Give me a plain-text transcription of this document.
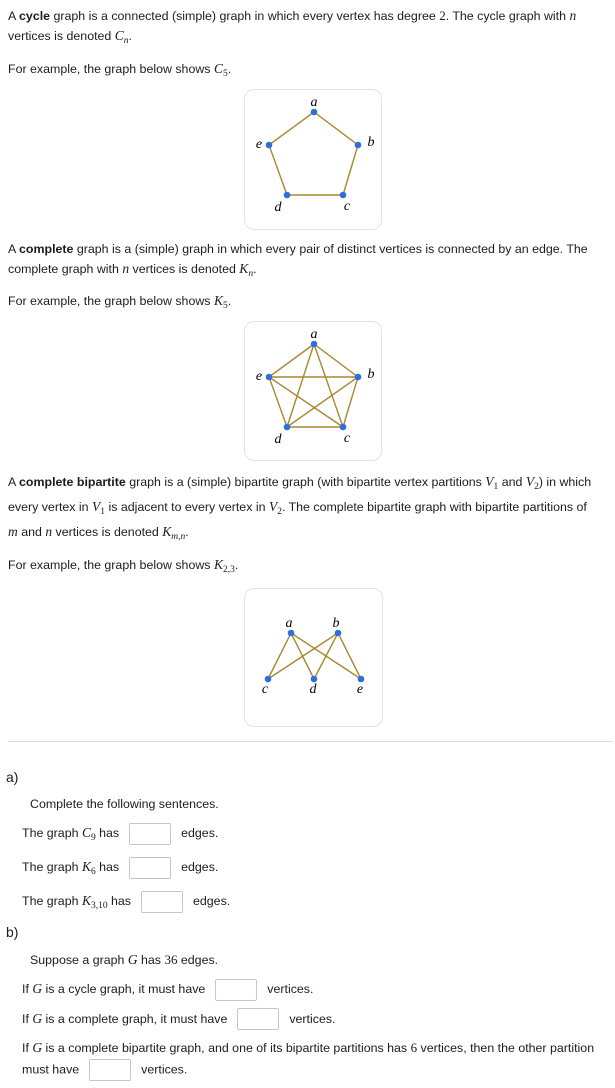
A cycle graph is a connected (simple) graph in which every vertex has degree 2. The cycle graph with n
vertices is denoted $C_n$.

For example, the graph below shows $C_5$.

a
b
c
d
e

A complete graph is a (simple) graph in which every pair of distinct vertices is connected by an edge. The
complete graph with n vertices is denoted $K_n$.

For example, the graph below shows $K_5$.

a
b
c
d
e

A complete bipartite graph is a (simple) bipartite graph (with bipartite vertex partitions $V_1$ and $V_2$) in which
every vertex in $V_1$ is adjacent to every vertex in $V_2$. The complete bipartite graph with bipartite partitions of
m and n vertices is denoted $K_{m,n}$.

For example, the graph below shows $K_{2,3}$.

a	b
c	d	e
a)

Complete the following sentences.

The graph $C_9$ has	edges.
The graph $K_6$ has	edges.
The graph $K_{3,10}$ has	edges.
b)

Suppose a graph G has 36 edges.

If G is a cycle graph, it must have	vertices.
If G is a complete graph, it must have	vertices.
If G is a complete bipartite graph, and one of its bipartite partitions has 6 vertices, then the other partition
must have	vertices.
